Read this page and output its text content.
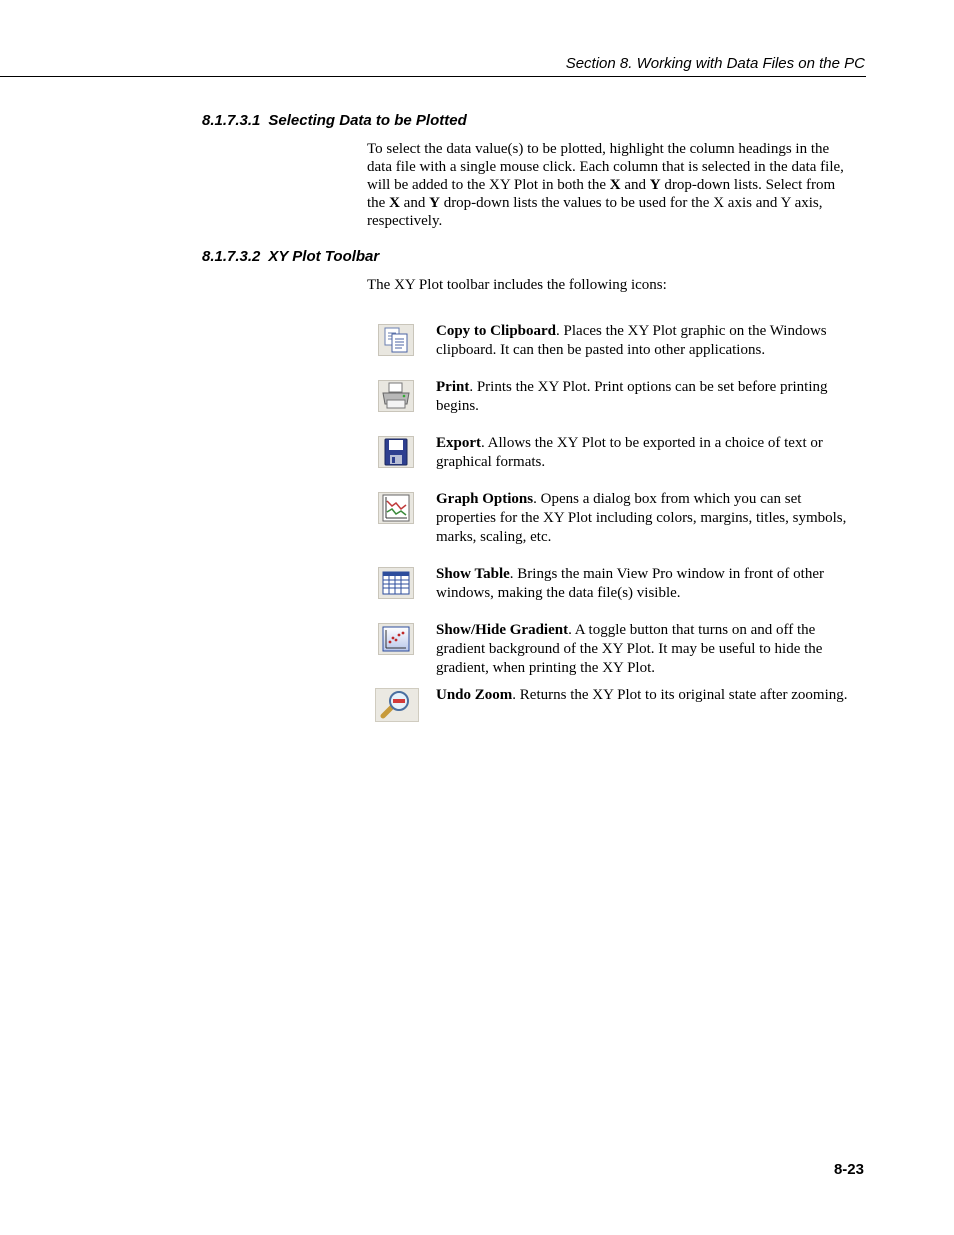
Section 8. Working with Data Files on the PC
8.1.7.3.1 Selecting Data to be Plotted

To select the data value(s) to be plotted, highlight the column headings in the data file with a single mouse click. Each column that is selected in the data file, will be added to the XY Plot in both the X and Y drop-down lists. Select from the X and Y drop-down lists the values to be used for the X axis and Y axis, respectively.

8.1.7.3.2 XY Plot Toolbar

The XY Plot toolbar includes the following icons:

Copy to Clipboard. Places the XY Plot graphic on the Windows clipboard. It can then be pasted into other applications.

Print. Prints the XY Plot. Print options can be set before printing begins.

Export. Allows the XY Plot to be exported in a choice of text or graphical formats.

Graph Options. Opens a dialog box from which you can set properties for the XY Plot including colors, margins, titles, symbols, marks, scaling, etc.

Show Table. Brings the main View Pro window in front of other windows, making the data file(s) visible.

Show/Hide Gradient. A toggle button that turns on and off the gradient background of the XY Plot. It may be useful to hide the gradient, when printing the XY Plot.

Undo Zoom. Returns the XY Plot to its original state after zooming.

8-23
